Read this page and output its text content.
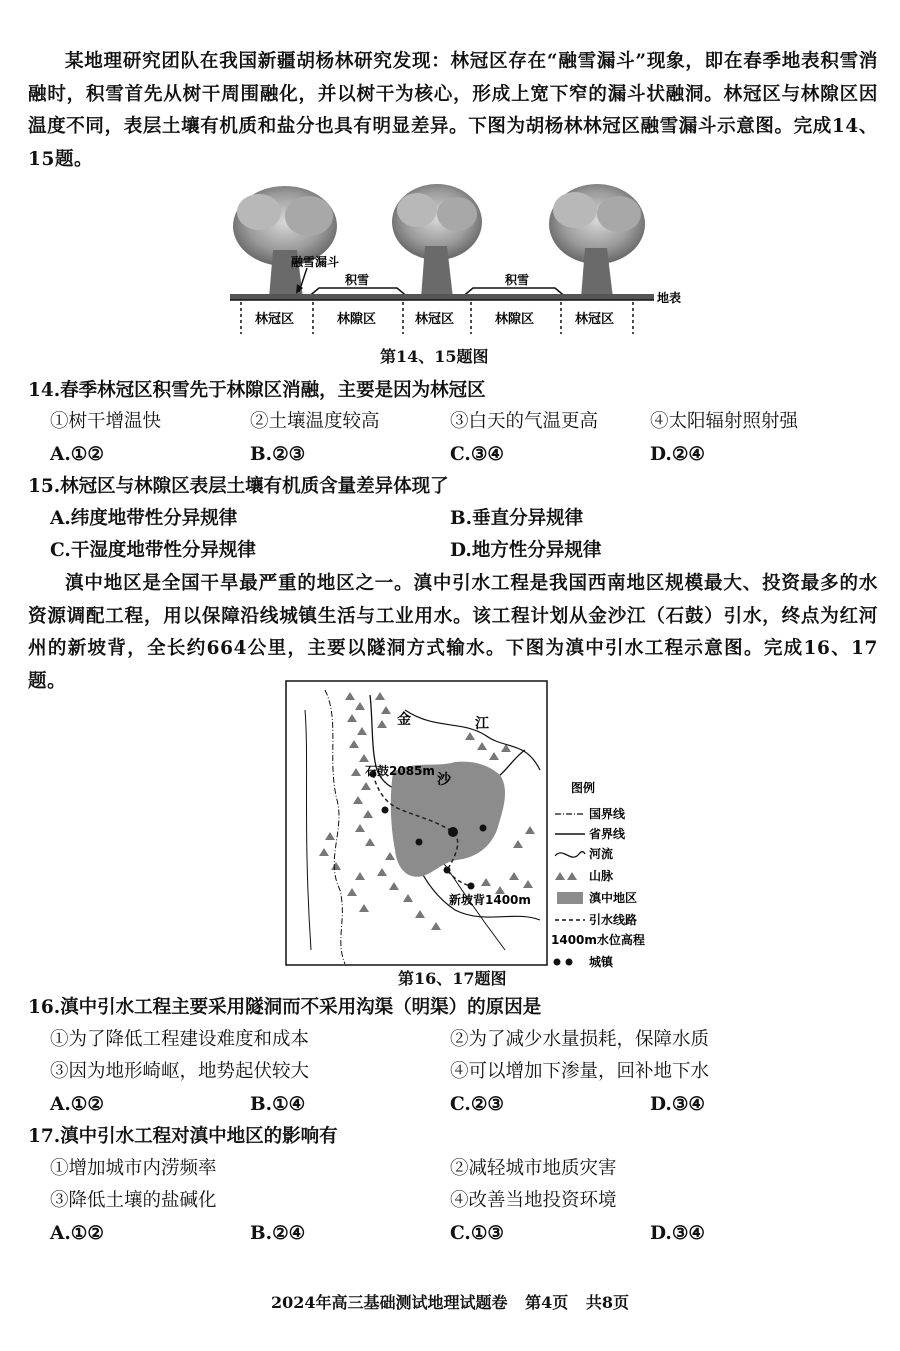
某地理研究团队在我国新疆胡杨林研究发现：林冠区存在“融雪漏斗”现象，即在春季地表积雪消融时，积雪首先从树干周围融化，并以树干为核心，形成上宽下窄的漏斗状融洞。林冠区与林隙区因温度不同，表层土壤有机质和盐分也具有明显差异。下图为胡杨林林冠区融雪漏斗示意图。完成14、15题。
融雪漏斗
积雪	积雪
地表
林冠区	林隙区	林冠区	林隙区	林冠区
第14、15题图
14.春季林冠区积雪先于林隙区消融，主要是因为林冠区
①树干增温快	②土壤温度较高	③白天的气温更高	④太阳辐射照射强
A.①②	B.②③	C.③④	D.②④
15.林冠区与林隙区表层土壤有机质含量差异体现了
A.纬度地带性分异规律	B.垂直分异规律
C.干湿度地带性分异规律	D.地方性分异规律
滇中地区是全国干旱最严重的地区之一。滇中引水工程是我国西南地区规模最大、投资最多的水资源调配工程，用以保障沿线城镇生活与工业用水。该工程计划从金沙江（石鼓）引水，终点为红河州的新坡背，全长约664公里，主要以隧洞方式输水。下图为滇中引水工程示意图。完成16、17题。
金
沙
江
石鼓2085m
新坡背1400m
图例
国界线
省界线
河流
山脉
滇中地区
引水线路
1400m水位高程
城镇
第16、17题图
16.滇中引水工程主要采用隧洞而不采用沟渠（明渠）的原因是
①为了降低工程建设难度和成本	②为了减少水量损耗，保障水质
③因为地形崎岖，地势起伏较大	④可以增加下渗量，回补地下水
A.①②	B.①④	C.②③	D.③④
17.滇中引水工程对滇中地区的影响有
①增加城市内涝频率	②减轻城市地质灾害
③降低土壤的盐碱化	④改善当地投资环境
A.①②	B.②④	C.①③	D.③④
2024年高三基础测试地理试题卷 第4页 共8页
